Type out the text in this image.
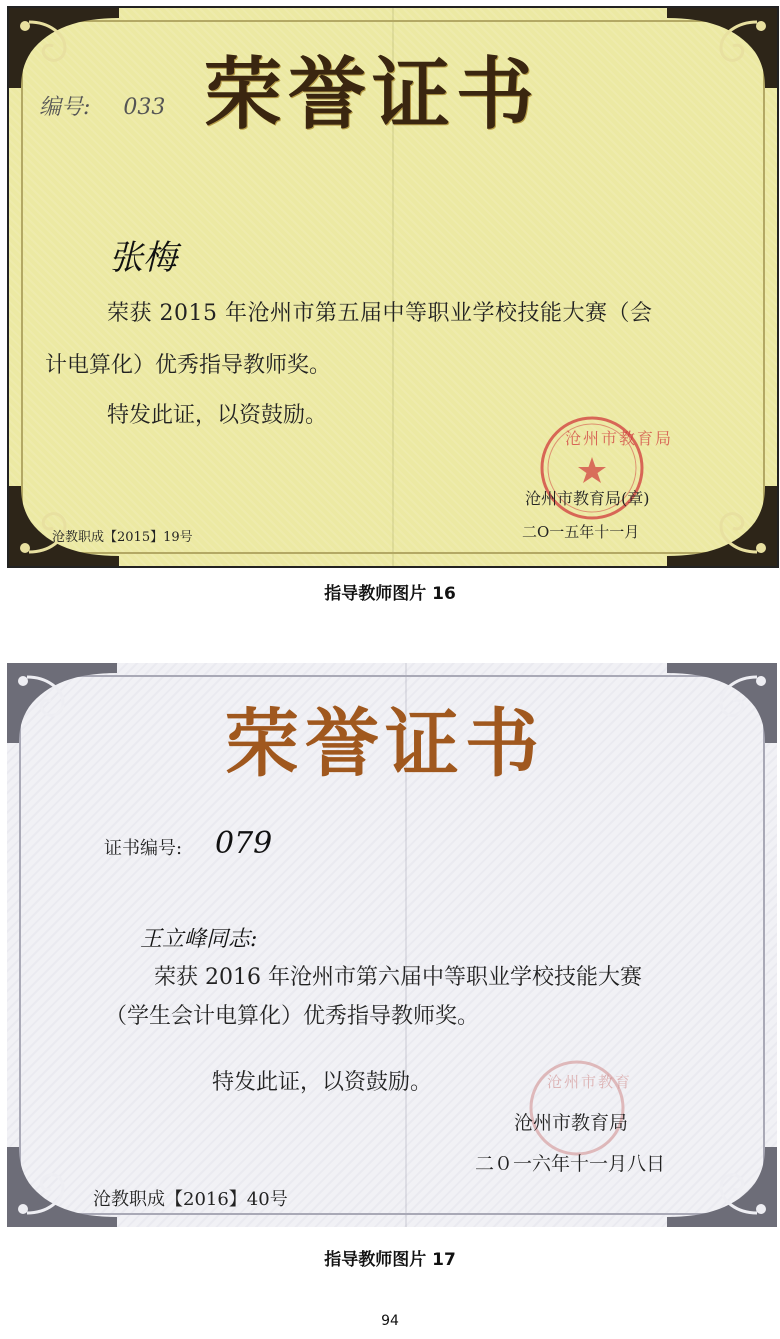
荣誉证书
编号: 033
张梅
荣获 2015 年沧州市第五届中等职业学校技能大赛（会
计电算化）优秀指导教师奖。
特发此证，以资鼓励。
沧州市教育局
沧州市教育局(章)
二O一五年十一月
沧教职成【2015】19号
指导教师图片 16
荣誉证书
证书编号: 079
王立峰同志:
荣获 2016 年沧州市第六届中等职业学校技能大赛
（学生会计电算化）优秀指导教师奖。
特发此证，以资鼓励。	沧州市教育
沧州市教育局
二０一六年十一月八日
沧教职成【2016】40号
指导教师图片 17
94
